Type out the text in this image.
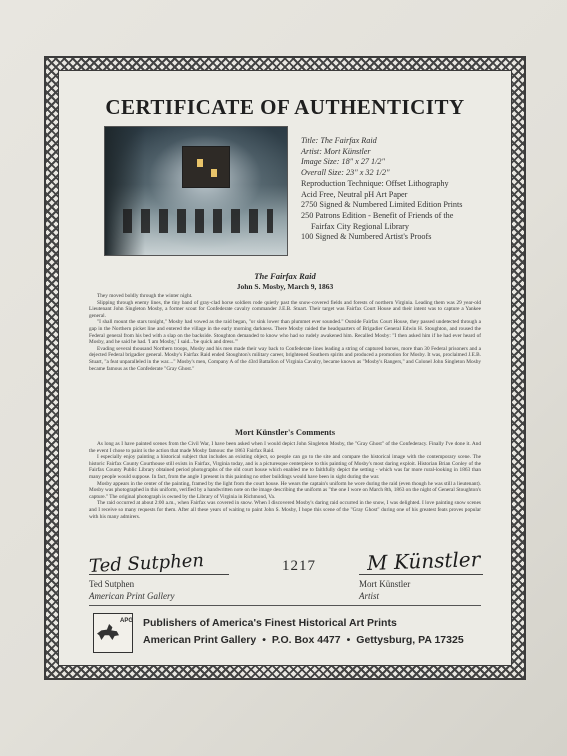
CERTIFICATE OF AUTHENTICITY
Title: The Fairfax Raid
Artist: Mort Künstler
Image Size: 18" x 27 1/2"
Overall Size: 23" x 32 1/2"
Reproduction Technique: Offset Lithography
Acid Free, Neutral pH Art Paper
2750 Signed & Numbered Limited Edition Prints
250 Patrons Edition - Benefit of Friends of the
Fairfax City Regional Library
100 Signed & Numbered Artist's Proofs
The Fairfax Raid
John S. Mosby, March 9, 1863

They moved boldly through the winter night.

Slipping through enemy lines, the tiny band of gray-clad horse soldiers rode quietly past the snow-covered fields and forests of northern Virginia. Leading them was 29 year-old Lieutenant John Singleton Mosby, a former scout for Confederate cavalry commander J.E.B. Stuart. Their target was Fairfax Court House and their intent was to capture a Yankee general.

"I shall mount the stars tonight," Mosby had vowed as the raid began, "or sink lower than plummet ever sounded." Outside Fairfax Court House, they passed undetected through a gap in the Northern picket line and entered the village in the early morning darkness. There Mosby raided the headquarters of Brigadier General Edwin H. Stoughton, and roused the Federal general from his bed with a slap on the backside. Stoughton demanded to know who had so rudely awakened him. Recalled Mosby: "I then asked him if he had ever heard of Mosby, and he said he had. 'I am Mosby,' I said...'be quick and dress.'"

Evading several thousand Northern troops, Mosby and his men made their way back to Confederate lines leading a string of captured horses, more than 30 Federal prisoners and a dejected Federal brigadier general. Mosby's Fairfax Raid ended Stoughton's military career, brightened Southern spirits and produced a promotion for Mosby. It was, proclaimed J.E.B. Stuart, "a feat unparalleled in the war...." Mosby's men, Company A of the 43rd Battalion of Virginia Cavalry, became known as "Mosby's Rangers," and Colonel John Singleton Mosby became famous as the Confederate "Gray Ghost."

Mort Künstler's Comments

As long as I have painted scenes from the Civil War, I have been asked when I would depict John Singleton Mosby, the "Gray Ghost" of the Confederacy. Finally I've done it. And the event I chose to paint is the action that made Mosby famous: the 1863 Fairfax Raid.

I especially enjoy painting a historical subject that includes an existing object, so people can go to the site and compare the historical image with the contemporary scene. The historic Fairfax County Courthouse still exists in Fairfax, Virginia today, and is a picturesque centerpiece to this painting of Mosby's most daring exploit. Historian Brian Conley of the Fairfax County Public Library obtained period photographs of the old court house which enabled me to faithfully depict the setting - which was far more rural-looking in 1863 than many people would suppose. In fact, from the angle I present in this painting no other buildings would have been in sight during the war.

Mosby appears in the center of the painting, framed by the light from the court house. He wears the captain's uniform he wore during the raid (even though he was still a lieutenant). Mosby was photographed in this uniform, verified by a handwritten note on the image describing the uniform as "the one I wore on March 8th, 1863 on the night of General Stoughton's capture." The original photograph is owned by the Library of Virginia in Richmond, Va.

The raid occurred at about 2:00 a.m., when Fairfax was covered in snow. When I discovered Mosby's daring raid occurred in the snow, I was delighted. I love painting snow scenes and I receive so many requests for them. After all these years of waiting to paint John S. Mosby, I hope this scene of the "Gray Ghost" during one of his greatest feats proves popular with his many admirers.

Ted Sutphen	1217	M Künstler
Ted Sutphen
American Print Gallery
Mort Künstler
Artist
APG Publishers of America's Finest Historical Art Prints
American Print Gallery • P.O. Box 4477 • Gettysburg, PA 17325
